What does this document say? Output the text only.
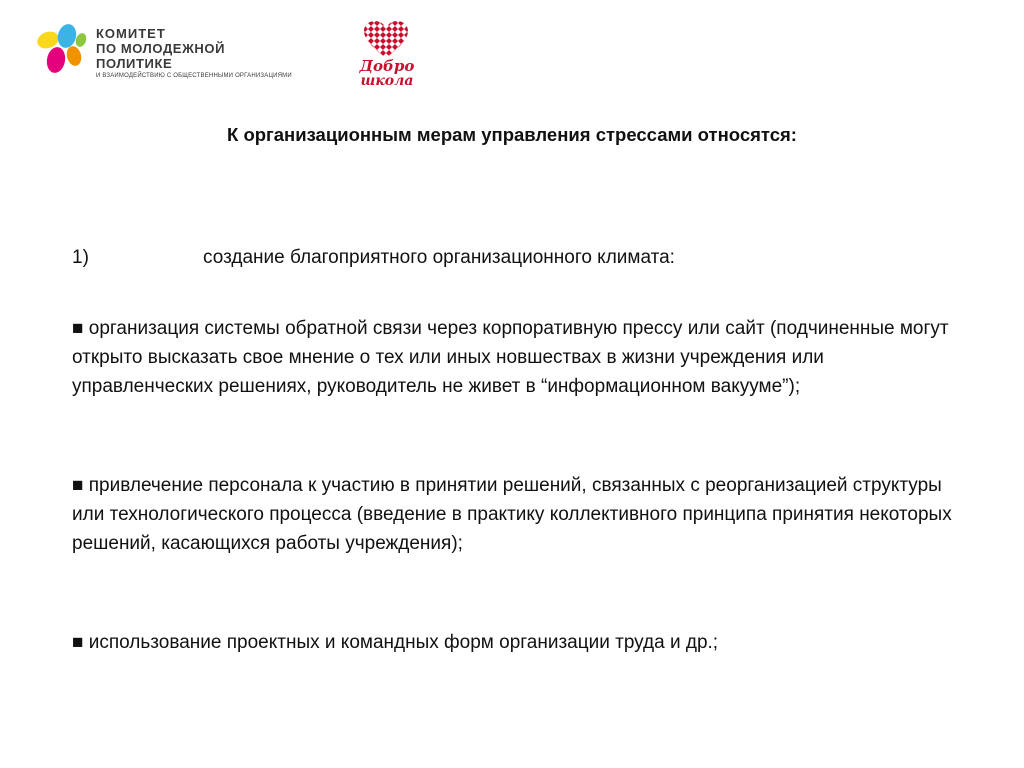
КОМИТЕТ
ПО МОЛОДЕЖНОЙ ПОЛИТИКЕ
И ВЗАИМОДЕЙСТВИЮ С ОБЩЕСТВЕННЫМИ ОРГАНИЗАЦИЯМИ
Добро
школа
К организационным мерам управления стрессами относятся:
1)	создание благоприятного организационного климата:

■ организация системы обратной связи через корпоративную прессу или сайт (подчиненные могут открыто высказать свое мнение о тех или иных новшествах в жизни учреждения или управленческих решениях, руководитель не живет в “информационном вакууме”);

■ привлечение персонала к участию в принятии решений, связанных с реорганизацией структуры или технологического процесса (введение в практику коллективного принципа принятия некоторых решений, касающихся работы учреждения);

■ использование проектных и командных форм организации труда и др.;
